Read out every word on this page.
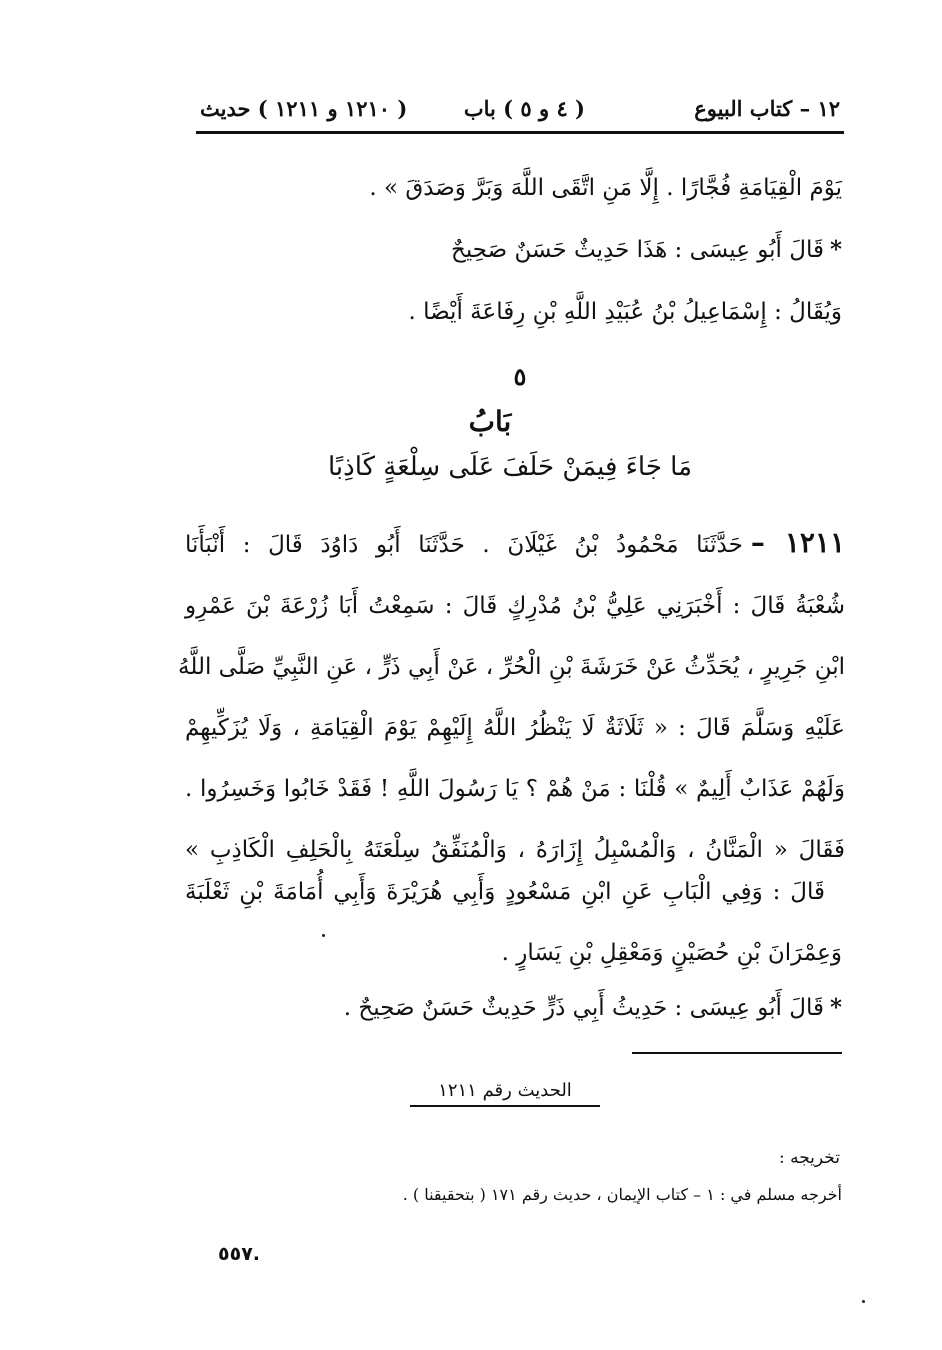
١٢ – كتاب البيوع
( ٤ و ٥ ) باب
( ١٢١٠ و ١٢١١ ) حديث
يَوْمَ الْقِيَامَةِ فُجَّارًا . إِلَّا مَنِ اتَّقَى اللَّهَ وَبَرَّ وَصَدَقَ » .
*قَالَ أَبُو عِيسَى : هَذَا حَدِيثٌ حَسَنٌ صَحِيحٌ
وَيُقَالُ : إِسْمَاعِيلُ بْنُ عُبَيْدِ اللَّهِ بْنِ رِفَاعَةَ أَيْضًا .
٥
بَابُ
مَا جَاءَ فِيمَنْ حَلَفَ عَلَى سِلْعَةٍ كَاذِبًا
١٢١١ –حَدَّثَنَا مَحْمُودُ بْنُ غَيْلَانَ . حَدَّثَنَا أَبُو دَاوُدَ قَالَ : أَنْبَأَنَا
شُعْبَةُ قَالَ : أَخْبَرَنِي عَلِيُّ بْنُ مُدْرِكٍ قَالَ : سَمِعْتُ أَبَا زُرْعَةَ بْنَ عَمْرِو
ابْنِ جَرِيرٍ ، يُحَدِّثُ عَنْ خَرَشَةَ بْنِ الْحُرِّ ، عَنْ أَبِي ذَرٍّ ، عَنِ النَّبِيِّ صَلَّى اللَّهُ
عَلَيْهِ وَسَلَّمَ قَالَ : « ثَلَاثَةٌ لَا يَنْظُرُ اللَّهُ إِلَيْهِمْ يَوْمَ الْقِيَامَةِ ، وَلَا يُزَكِّيهِمْ
وَلَهُمْ عَذَابٌ أَلِيمٌ » قُلْنَا : مَنْ هُمْ ؟ يَا رَسُولَ اللَّهِ ! فَقَدْ خَابُوا وَخَسِرُوا .
فَقَالَ « الْمَنَّانُ ، وَالْمُسْبِلُ إِزَارَهُ ، وَالْمُنَفِّقُ سِلْعَتَهُ بِالْحَلِفِ الْكَاذِبِ »
قَالَ : وَفِي الْبَابِ عَنِ ابْنِ مَسْعُودٍ وَأَبِي هُرَيْرَةَ وَأَبِي أُمَامَةَ بْنِ ثَعْلَبَةَ
وَعِمْرَانَ بْنِ حُصَيْنٍ وَمَعْقِلِ بْنِ يَسَارٍ .
*قَالَ أَبُو عِيسَى : حَدِيثُ أَبِي ذَرٍّ حَدِيثٌ حَسَنٌ صَحِيحٌ .
الحديث رقم ١٢١١
تخريجه :
أخرجه مسلم في : ١ – كتاب الإيمان ، حديث رقم ١٧١ ( بتحقيقنا ) .
٥٥٧.
